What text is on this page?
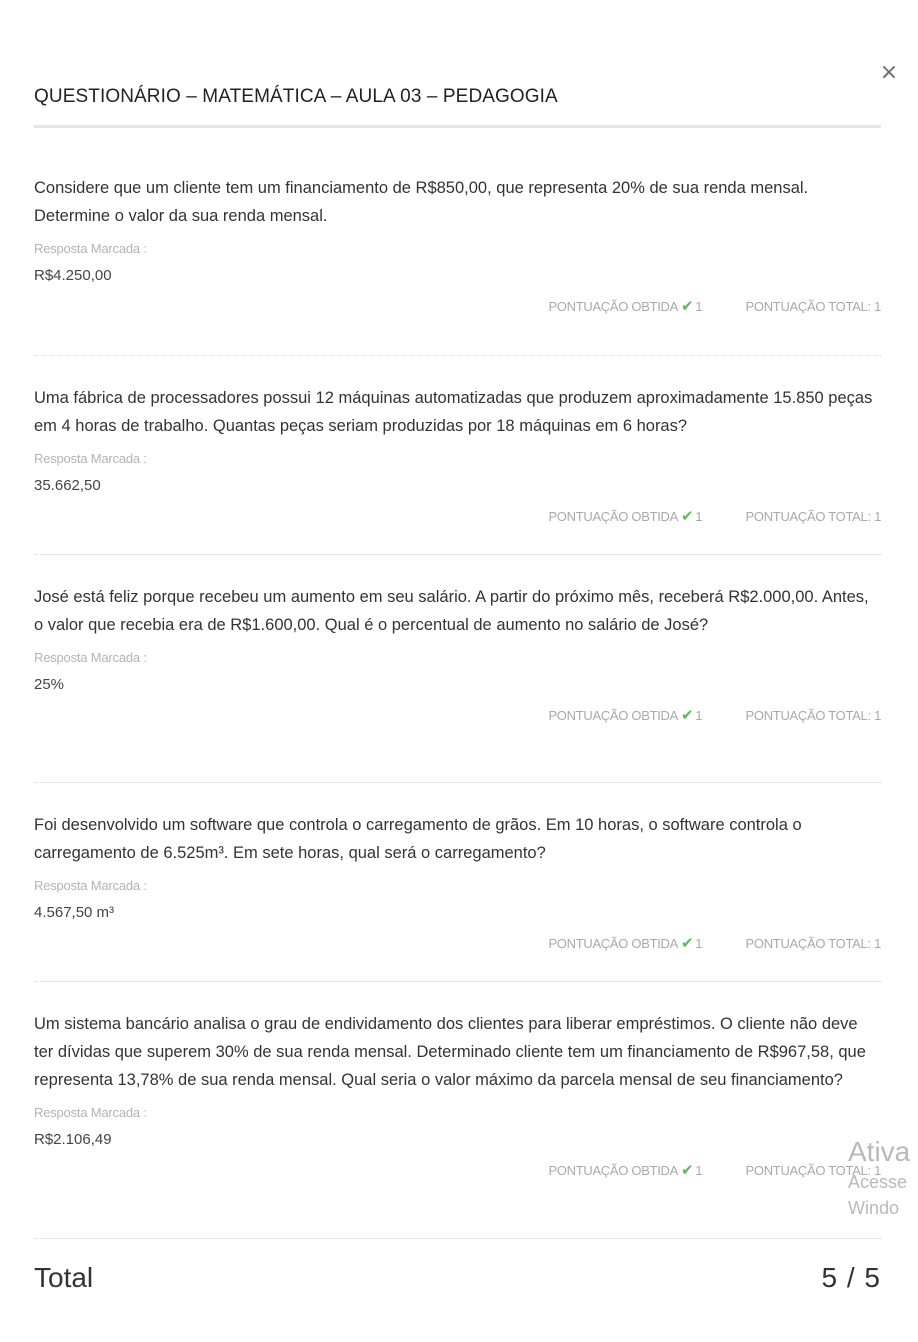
×
QUESTIONÁRIO – MATEMÁTICA – AULA 03 – PEDAGOGIA

Considere que um cliente tem um financiamento de R$850,00, que representa 20% de sua renda mensal. Determine o valor da sua renda mensal.

Resposta Marcada :
R$4.250,00
PONTUAÇÃO OBTIDA ✔ 1	PONTUAÇÃO TOTAL: 1

Uma fábrica de processadores possui 12 máquinas automatizadas que produzem aproximadamente 15.850 peças em 4 horas de trabalho. Quantas peças seriam produzidas por 18 máquinas em 6 horas?

Resposta Marcada :
35.662,50
PONTUAÇÃO OBTIDA ✔ 1	PONTUAÇÃO TOTAL: 1

José está feliz porque recebeu um aumento em seu salário. A partir do próximo mês, receberá R$2.000,00. Antes, o valor que recebia era de R$1.600,00. Qual é o percentual de aumento no salário de José?

Resposta Marcada :
25%
PONTUAÇÃO OBTIDA ✔ 1	PONTUAÇÃO TOTAL: 1

Foi desenvolvido um software que controla o carregamento de grãos. Em 10 horas, o software controla o carregamento de 6.525m³. Em sete horas, qual será o carregamento?

Resposta Marcada :
4.567,50 m³
PONTUAÇÃO OBTIDA ✔ 1	PONTUAÇÃO TOTAL: 1

Um sistema bancário analisa o grau de endividamento dos clientes para liberar empréstimos. O cliente não deve ter dívidas que superem 30% de sua renda mensal. Determinado cliente tem um financiamento de R$967,58, que representa 13,78% de sua renda mensal. Qual seria o valor máximo da parcela mensal de seu financiamento?

Resposta Marcada :
R$2.106,49
PONTUAÇÃO OBTIDA ✔ 1	PONTUAÇÃO TOTAL: 1
Total	5 / 5
Ativa
Acesse
Windo
